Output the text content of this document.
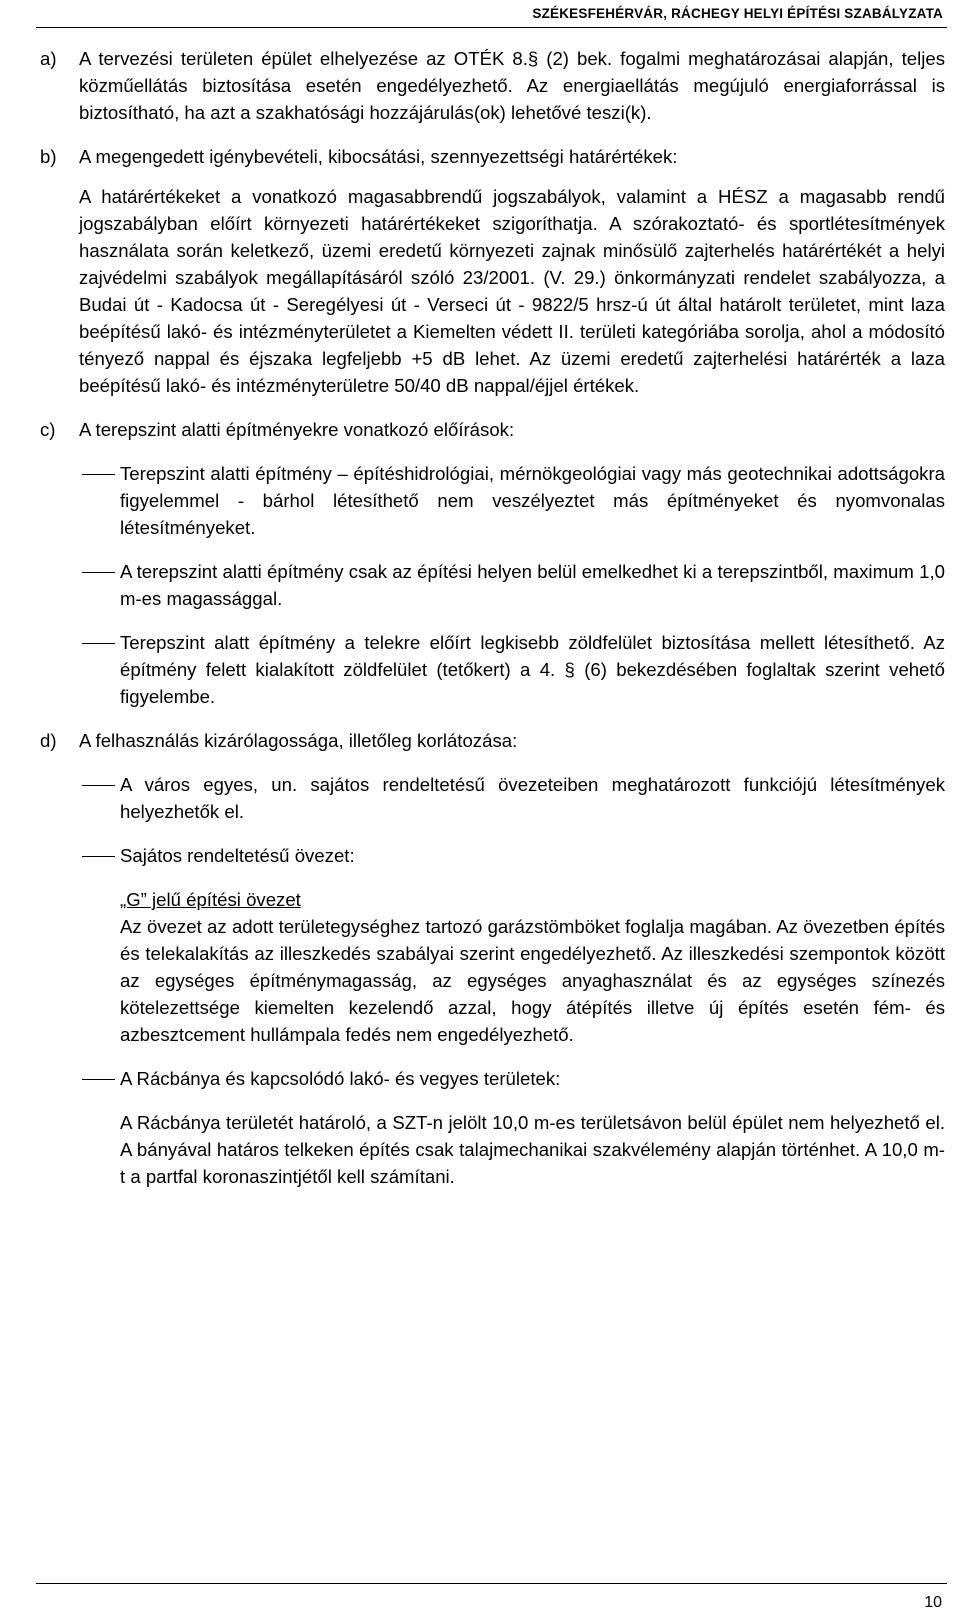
SZÉKESFEHÉRVÁR, RÁCHEGY HELYI ÉPÍTÉSI SZABÁLYZATA
a)	A tervezési területen épület elhelyezése az OTÉK 8.§ (2) bek. fogalmi meghatározásai alapján, teljes közműellátás biztosítása esetén engedélyezhető. Az energiaellátás megújuló energiaforrással is biztosítható, ha azt a szakhatósági hozzájárulás(ok) lehetővé teszi(k).

b)	A megengedett igénybevételi, kibocsátási, szennyezettségi határértékek:

A határértékeket a vonatkozó magasabbrendű jogszabályok, valamint a HÉSZ a magasabb rendű jogszabályban előírt környezeti határértékeket szigoríthatja. A szórakoztató- és sportlétesítmények használata során keletkező, üzemi eredetű környezeti zajnak minősülő zajterhelés határértékét a helyi zajvédelmi szabályok megállapításáról szóló 23/2001. (V. 29.) önkormányzati rendelet szabályozza, a Budai út - Kadocsa út - Seregélyesi út - Verseci út - 9822/5 hrsz-ú út által határolt területet, mint laza beépítésű lakó- és intézményterületet a Kiemelten védett II. területi kategóriába sorolja, ahol a módosító tényező nappal és éjszaka legfeljebb +5 dB lehet. Az üzemi eredetű zajterhelési határérték a laza beépítésű lakó- és intézményterületre 50/40 dB nappal/éjjel értékek.

c)	A terepszint alatti építményekre vonatkozó előírások:

Terepszint alatti építmény – építéshidrológiai, mérnökgeológiai vagy más geotechnikai adottságokra figyelemmel - bárhol létesíthető nem veszélyeztet más építményeket és nyomvonalas létesítményeket.

A terepszint alatti építmény csak az építési helyen belül emelkedhet ki a terepszintből, maximum 1,0 m-es magassággal.

Terepszint alatt építmény a telekre előírt legkisebb zöldfelület biztosítása mellett létesíthető. Az építmény felett kialakított zöldfelület (tetőkert) a 4. § (6) bekezdésében foglaltak szerint vehető figyelembe.

d)	A felhasználás kizárólagossága, illetőleg korlátozása:

A város egyes, un. sajátos rendeltetésű övezeteiben meghatározott funkciójú létesítmények helyezhetők el.

Sajátos rendeltetésű övezet:

„G” jelű építési övezet

Az övezet az adott területegységhez tartozó garázstömböket foglalja magában. Az övezetben építés és telekalakítás az illeszkedés szabályai szerint engedélyezhető. Az illeszkedési szempontok között az egységes építménymagasság, az egységes anyaghasználat és az egységes színezés kötelezettsége kiemelten kezelendő azzal, hogy átépítés illetve új építés esetén fém- és azbesztcement hullámpala fedés nem engedélyezhető.

A Rácbánya és kapcsolódó lakó- és vegyes területek:

A Rácbánya területét határoló, a SZT-n jelölt 10,0 m-es területsávon belül épület nem helyezhető el. A bányával határos telkeken építés csak talajmechanikai szakvélemény alapján történhet. A 10,0 m-t a partfal koronaszintjétől kell számítani.

10
